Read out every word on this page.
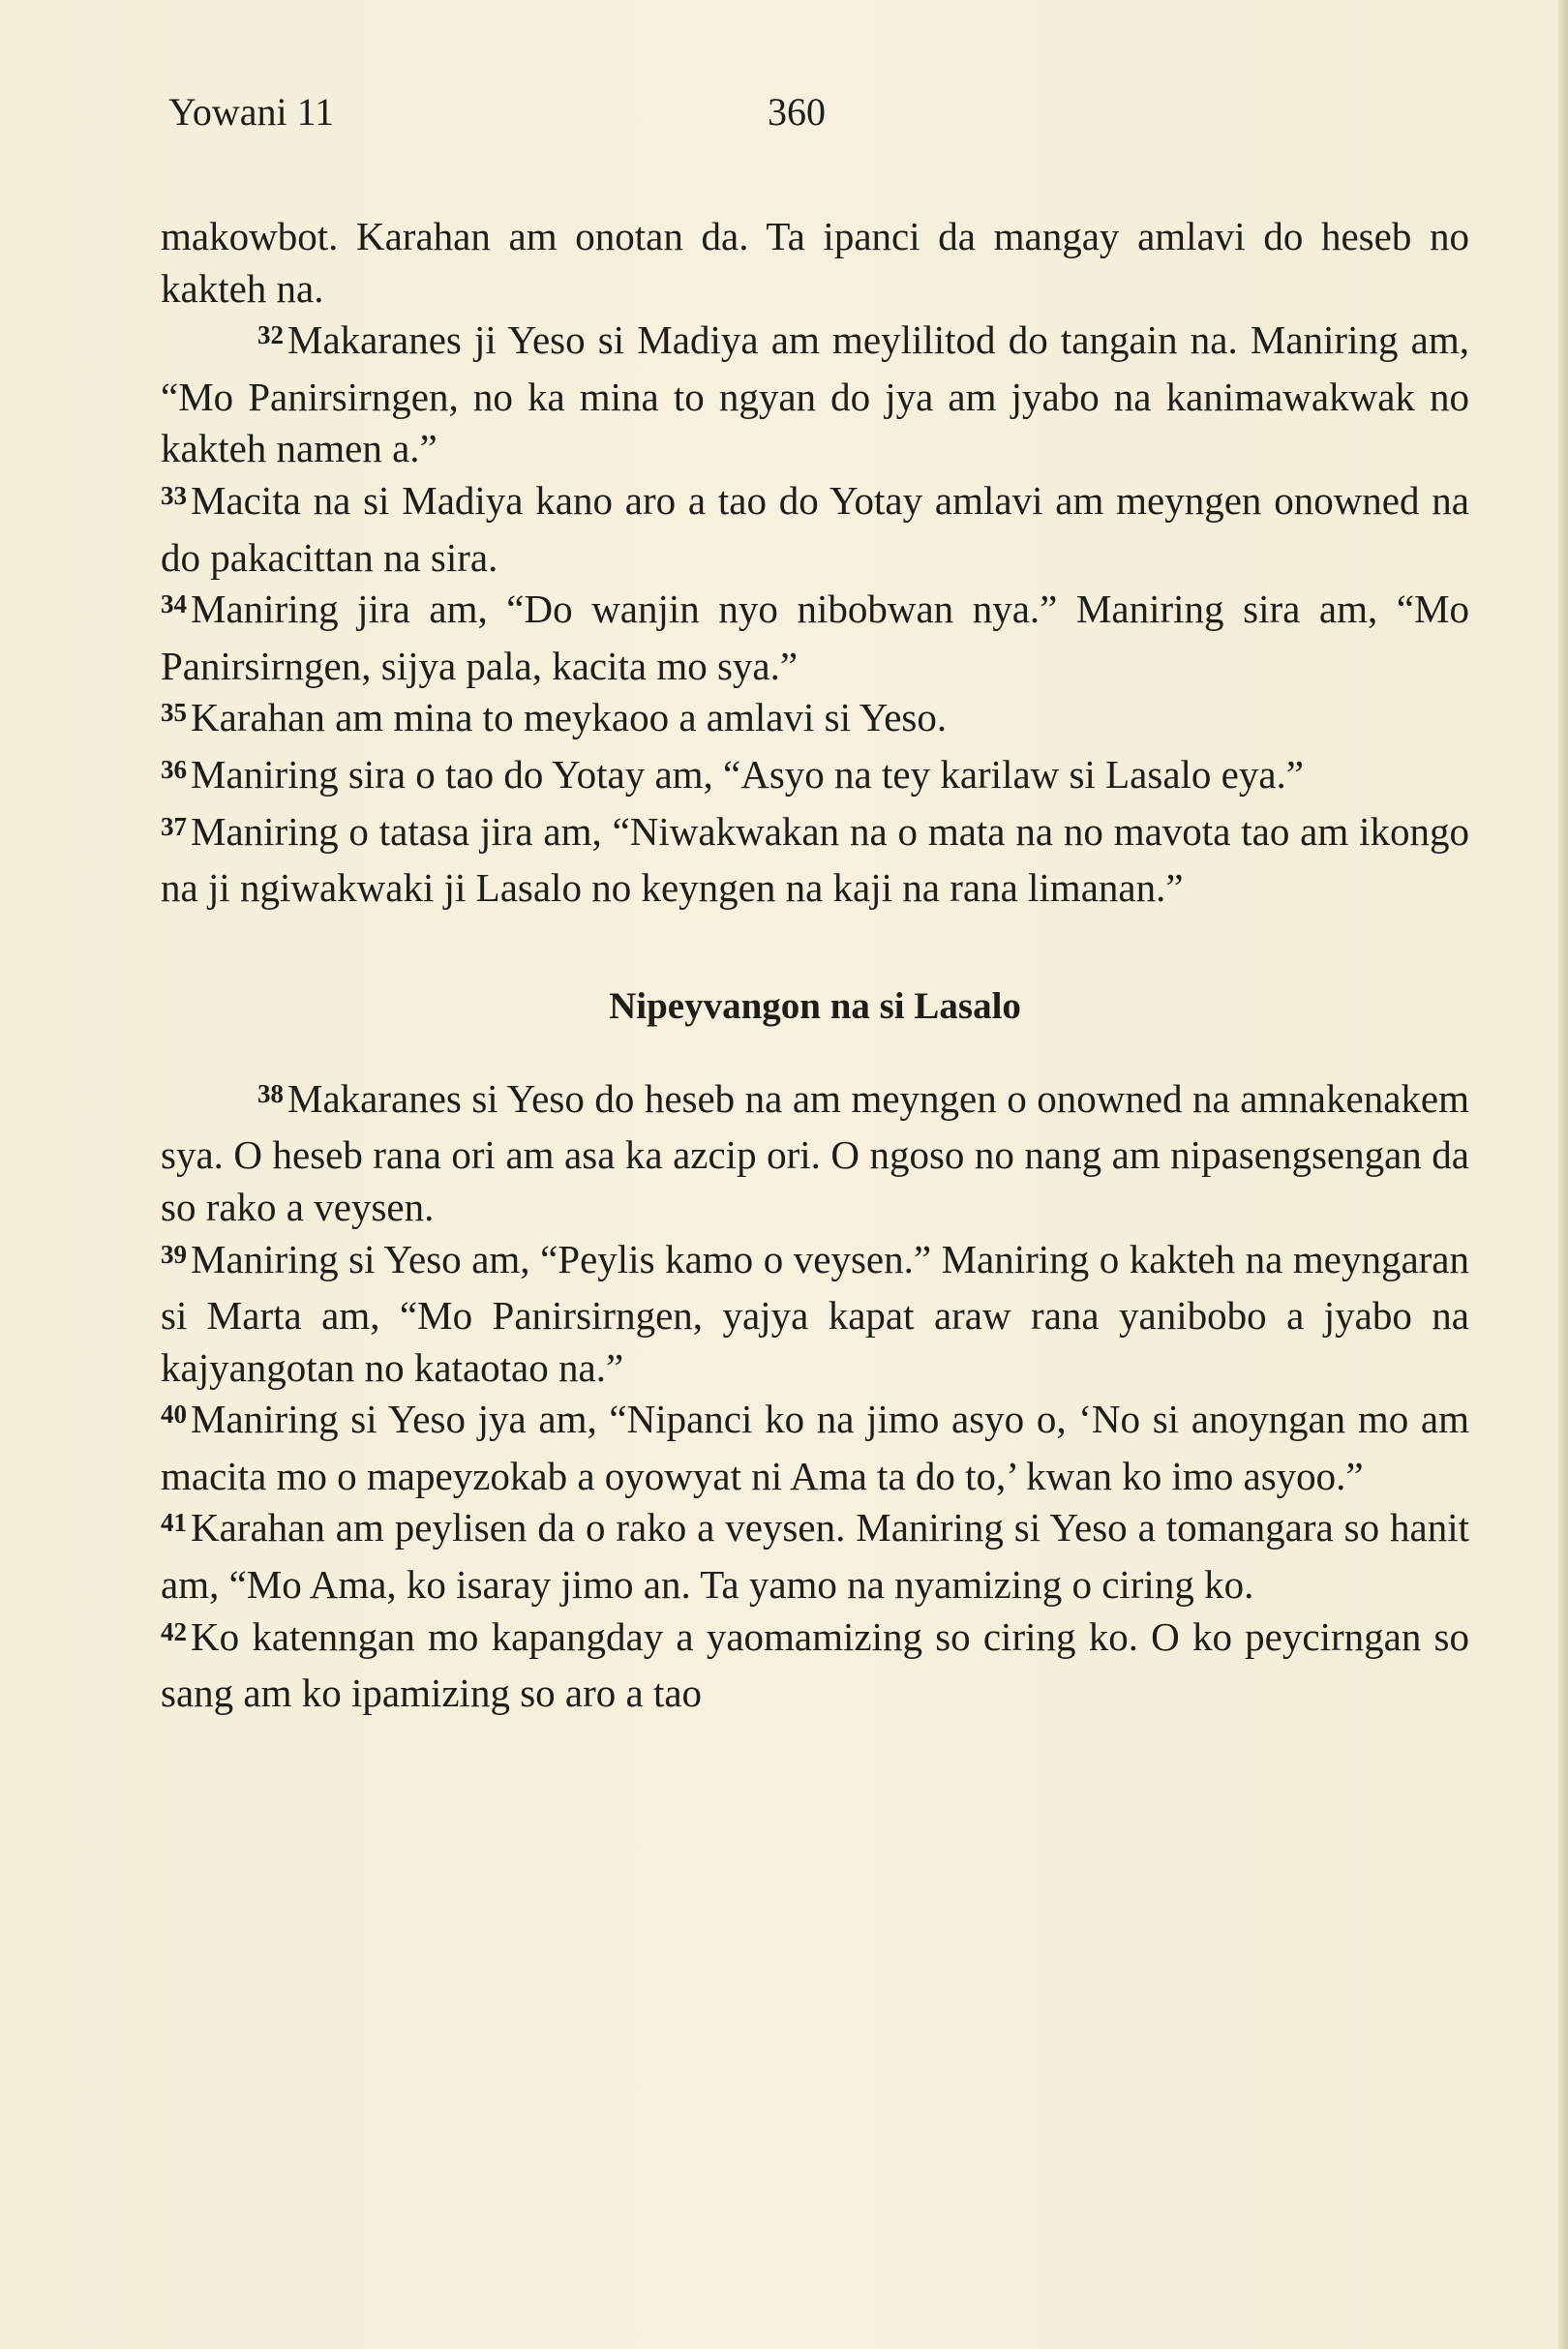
Yowani 11	360

makowbot. Karahan am onotan da. Ta ipanci da mangay amlavi do heseb no kakteh na.

$^{32}$Makaranes ji Yeso si Madiya am meylilitod do tangain na. Maniring am, “Mo Panirsirngen, no ka mina to ngyan do jya am jyabo na kanimawakwak no kakteh namen a.”

$^{33}$Macita na si Madiya kano aro a tao do Yotay amlavi am meyngen onowned na do pakacittan na sira.

$^{34}$Maniring jira am, “Do wanjin nyo nibobwan nya.” Maniring sira am, “Mo Panirsirngen, sijya pala, kacita mo sya.”

$^{35}$Karahan am mina to meykaoo a amlavi si Yeso.

$^{36}$Maniring sira o tao do Yotay am, “Asyo na tey karilaw si Lasalo eya.”

$^{37}$Maniring o tatasa jira am, “Niwakwakan na o mata na no mavota tao am ikongo na ji ngiwakwaki ji Lasalo no keyngen na kaji na rana limanan.”

Nipeyvangon na si Lasalo

$^{38}$Makaranes si Yeso do heseb na am meyngen o onowned na amnakenakem sya. O heseb rana ori am asa ka azcip ori. O ngoso no nang am nipasengsengan da so rako a veysen.

$^{39}$Maniring si Yeso am, “Peylis kamo o veysen.” Maniring o kakteh na meyngaran si Marta am, “Mo Panirsirngen, yajya kapat araw rana yanibobo a jyabo na kajyangotan no kataotao na.”

$^{40}$Maniring si Yeso jya am, “Nipanci ko na jimo asyo o, ‘No si anoyngan mo am macita mo o mapeyzokab a oyowyat ni Ama ta do to,’ kwan ko imo asyoo.”

$^{41}$Karahan am peylisen da o rako a veysen. Maniring si Yeso a tomangara so hanit am, “Mo Ama, ko isaray jimo an. Ta yamo na nyamizing o ciring ko.

$^{42}$Ko katenngan mo kapangday a yaomamizing so ciring ko. O ko peycirngan so sang am ko ipamizing so aro a tao
